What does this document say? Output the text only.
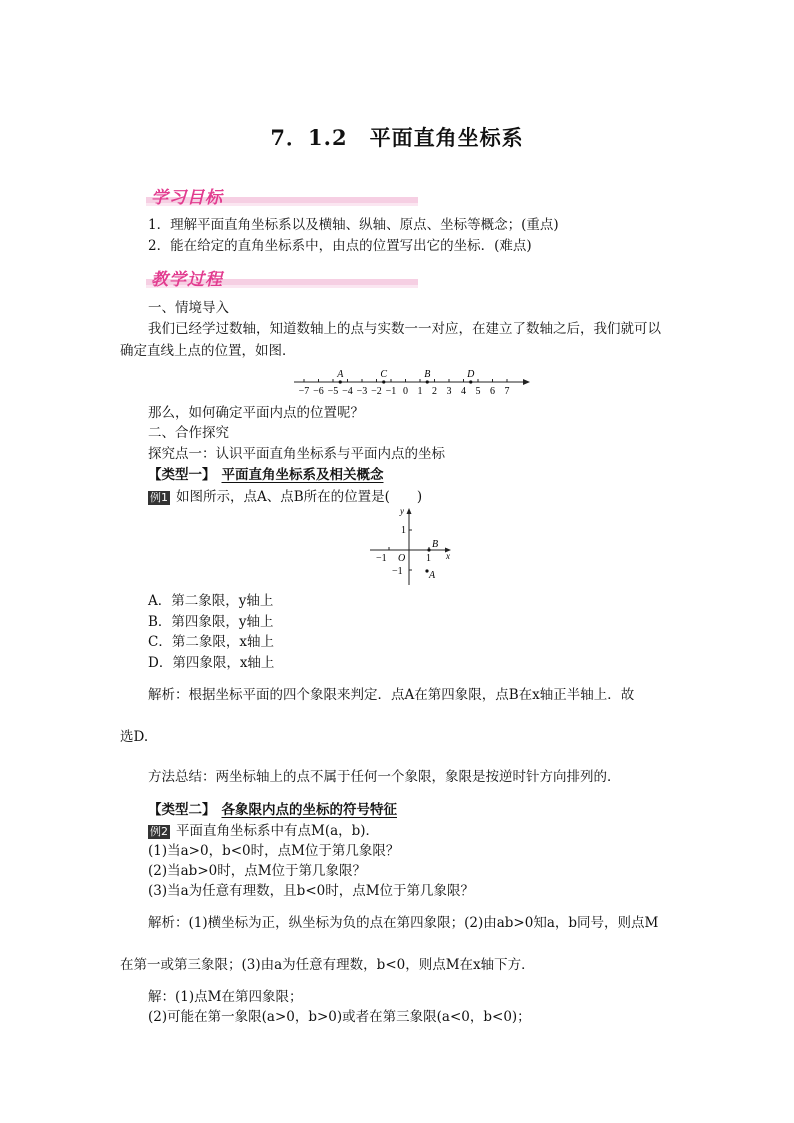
7．1.2　平面直角坐标系
学习目标
1．理解平面直角坐标系以及横轴、纵轴、原点、坐标等概念；(重点)
2．能在给定的直角坐标系中，由点的位置写出它的坐标．(难点)
教学过程
一、情境导入
我们已经学过数轴，知道数轴上的点与实数一一对应，在建立了数轴之后，我们就可以
确定直线上点的位置，如图．
−7 −6 −5 −4 −3 −2 −1 0 1 2 3 4 5 6 7
A	C	B	D
那么，如何确定平面内点的位置呢？
二、合作探究
探究点一：认识平面直角坐标系与平面内点的坐标
【类型一】 平面直角坐标系及相关概念
例1 如图所示，点A、点B所在的位置是(　　)
y
x
O 1
−1
1
−1
B
A
A．第二象限，y轴上
B．第四象限，y轴上
C．第二象限，x轴上
D．第四象限，x轴上
解析：根据坐标平面的四个象限来判定．点A在第四象限，点B在x轴正半轴上．故
选D.
方法总结：两坐标轴上的点不属于任何一个象限，象限是按逆时针方向排列的．
【类型二】 各象限内点的坐标的符号特征
例2 平面直角坐标系中有点M(a，b)．
(1)当a>0，b<0时，点M位于第几象限？
(2)当ab>0时，点M位于第几象限？
(3)当a为任意有理数，且b<0时，点M位于第几象限？
解析：(1)横坐标为正，纵坐标为负的点在第四象限；(2)由ab>0知a，b同号，则点M
在第一或第三象限；(3)由a为任意有理数，b<0，则点M在x轴下方．
解：(1)点M在第四象限；
(2)可能在第一象限(a>0，b>0)或者在第三象限(a<0，b<0)；
